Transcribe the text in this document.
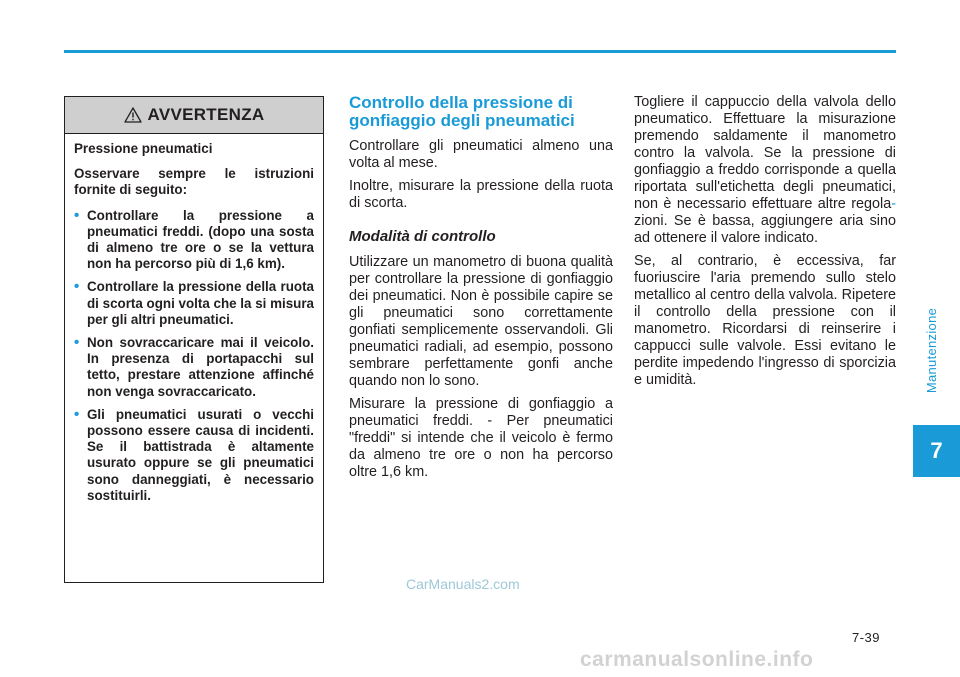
Manutenzione
7
7-39
AVVERTENZA

Pressione pneumatici

Osservare sempre le istruzioni fornite di seguito:

• Controllare la pressione a pneumatici freddi. (dopo una sosta di almeno tre ore o se la vettura non ha percorso più di 1,6 km).
• Controllare la pressione della ruota di scorta ogni volta che la si misura per gli altri pneumatici.
• Non sovraccaricare mai il veicolo. In presenza di portapacchi sul tetto, prestare attenzione affinché non venga sovraccaricato.
• Gli pneumatici usurati o vecchi possono essere causa di incidenti. Se il battistrada è altamente usurato oppure se gli pneumatici sono danneggiati, è necessario sostituirli.
Controllo della pressione di gonfiaggio degli pneumatici

Controllare gli pneumatici almeno una volta al mese.

Inoltre, misurare la pressione della ruota di scorta.

Modalità di controllo

Utilizzare un manometro di buona qualità per controllare la pressione di gonfiaggio dei pneumatici. Non è possibile capire se gli pneumatici sono correttamente gonfiati semplicemente osservandoli. Gli pneumatici radiali, ad esempio, possono sembrare perfettamente gonfi anche quando non lo sono.

Misurare la pressione di gonfiaggio a pneumatici freddi. - Per pneumatici "freddi" si intende che il veicolo è fermo da almeno tre ore o non ha percorso oltre 1,6 km.

Togliere il cappuccio della valvola dello pneumatico. Effettuare la misurazione premendo saldamente il manometro contro la valvola. Se la pressione di gonfiaggio a freddo corrisponde a quella riportata sull'etichetta degli pneumatici, non è necessario effettuare altre regola- zioni. Se è bassa, aggiungere aria sino ad ottenere il valore indicato.

Se, al contrario, è eccessiva, far fuoriuscire l'aria premendo sullo stelo metallico al centro della valvola. Ripetere il controllo della pressione con il manometro. Ricordarsi di reinserire i cappucci sulle valvole. Essi evitano le perdite impedendo l'ingresso di sporcizia e umidità.

CarManuals2.com
carmanualsonline.info
